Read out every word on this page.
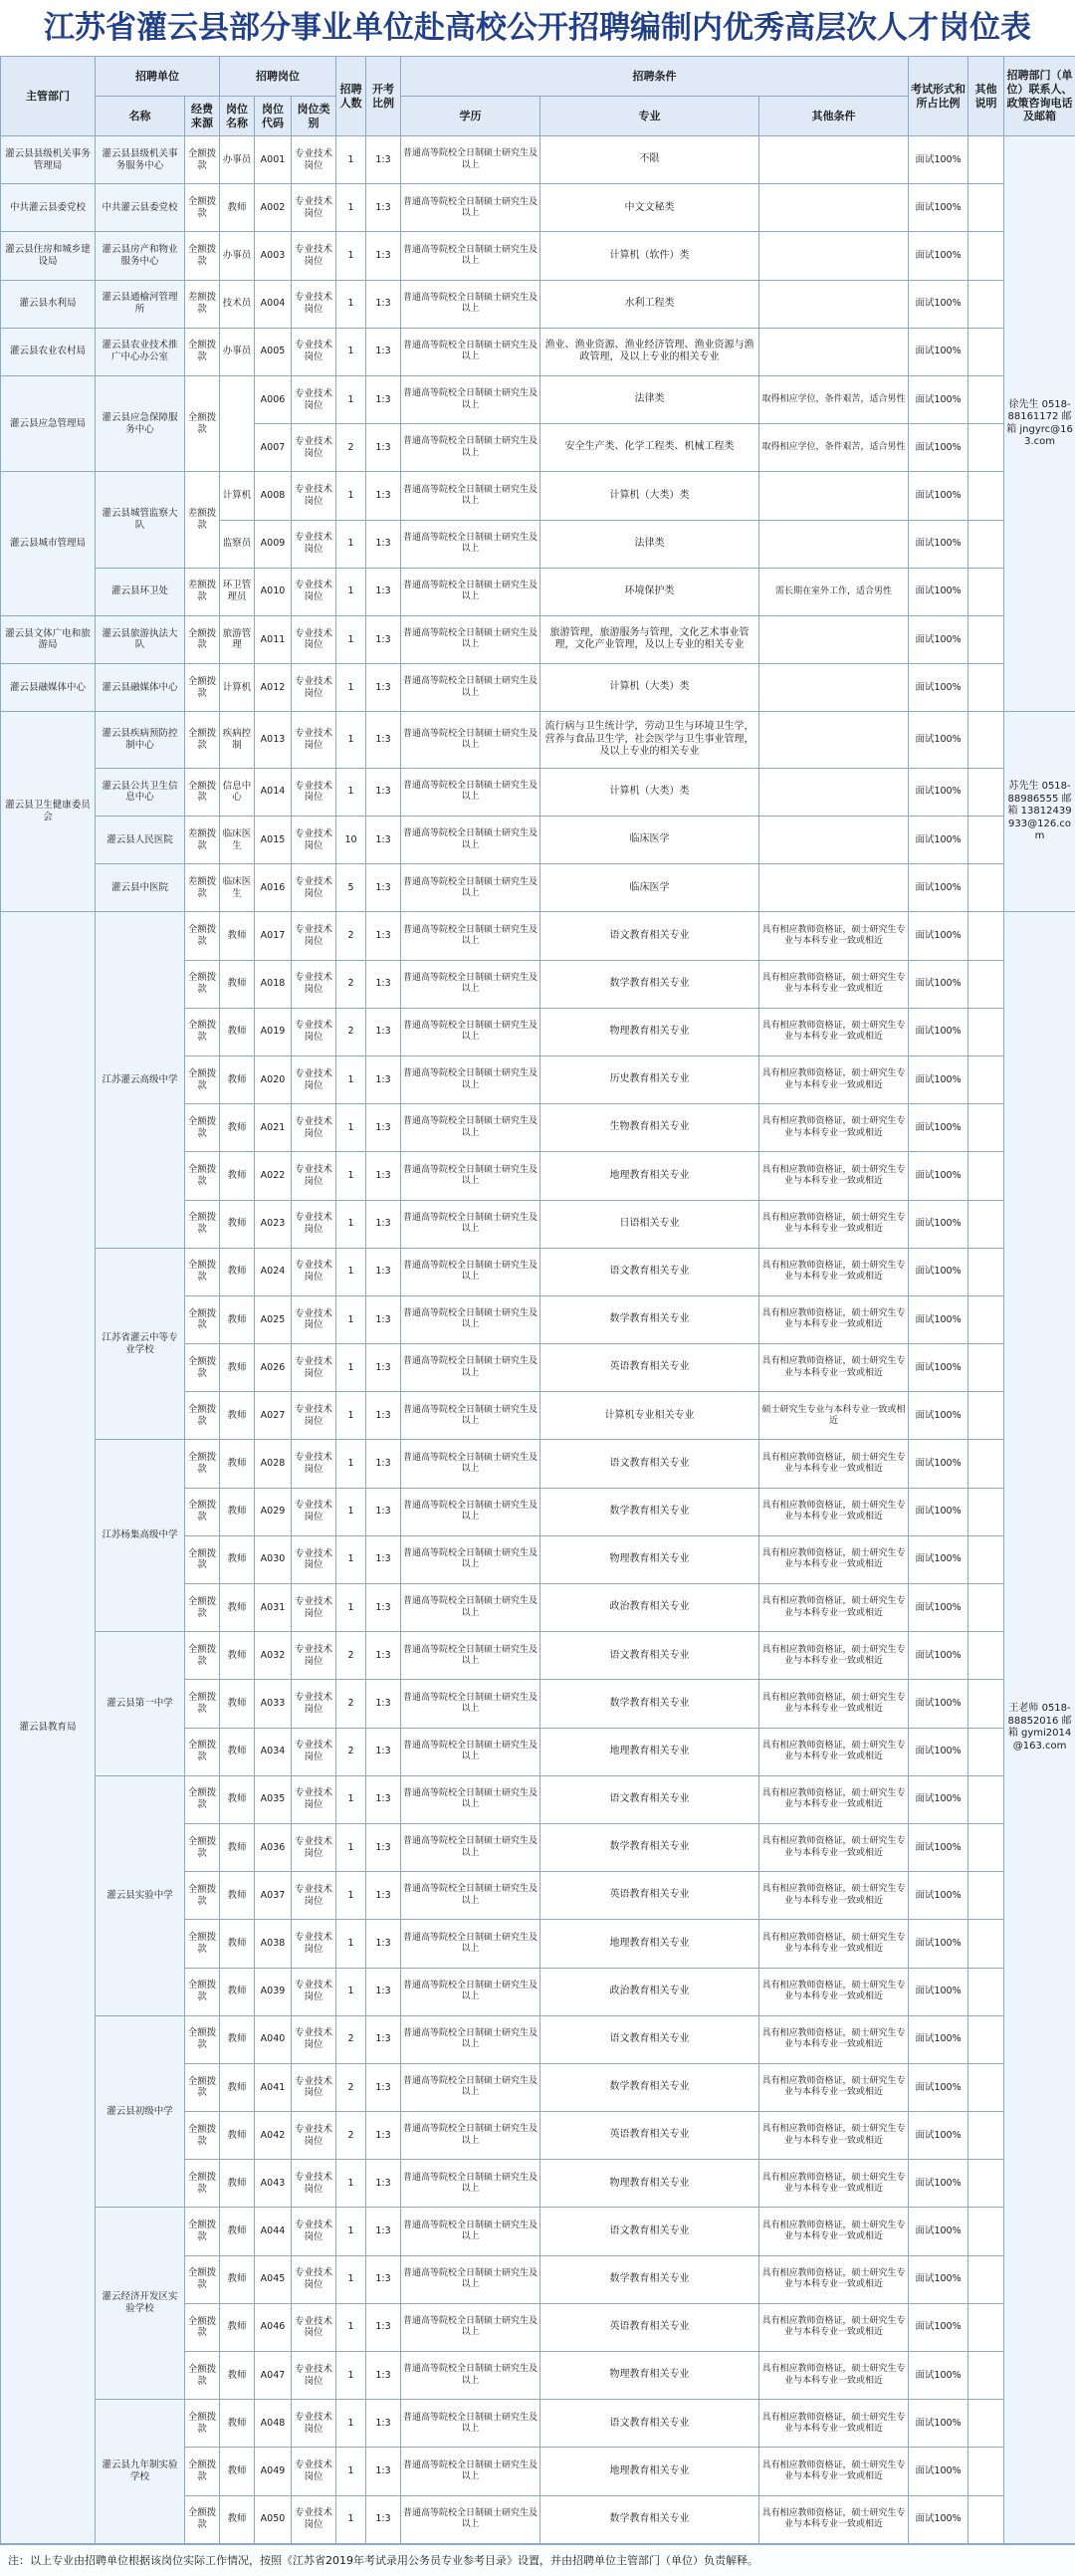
江苏省灌云县部分事业单位赴高校公开招聘编制内优秀高层次人才岗位表
主管部门	招聘单位		招聘岗位			招聘人数	开考比例	招聘条件			考试形式和所占比例	其他说明	招聘部门（单位）联系人、政策咨询电话及邮箱
	名称	经费来源	岗位名称	岗位代码	岗位类别			学历	专业	其他条件			
灌云县县级机关事务管理局	灌云县县级机关事务服务中心	全额拨款	办事员	A001	专业技术岗位	1	1:3	普通高等院校全日制硕士研究生及以上	不限		面试100%		徐先生 0518-88161172 邮箱 jngyrc@163.com
中共灌云县委党校	中共灌云县委党校	全额拨款	教师	A002	专业技术岗位	1	1:3	普通高等院校全日制硕士研究生及以上	中文文秘类		面试100%		
灌云县住房和城乡建设局	灌云县房产和物业服务中心	全额拨款	办事员	A003	专业技术岗位	1	1:3	普通高等院校全日制硕士研究生及以上	计算机（软件）类		面试100%		
灌云县水利局	灌云县通榆河管理所	差额拨款	技术员	A004	专业技术岗位	1	1:3	普通高等院校全日制硕士研究生及以上	水利工程类		面试100%		
灌云县农业农村局	灌云县农业技术推广中心办公室	全额拨款	办事员	A005	专业技术岗位	1	1:3	普通高等院校全日制硕士研究生及以上	渔业、渔业资源、渔业经济管理、渔业资源与渔政管理，及以上专业的相关专业		面试100%		
灌云县应急管理局	灌云县应急保障服务中心	全额拨款		A006	专业技术岗位	1	1:3	普通高等院校全日制硕士研究生及以上	法律类	取得相应学位，条件艰苦，适合男性	面试100%		
				A007	专业技术岗位	2	1:3	普通高等院校全日制硕士研究生及以上	安全生产类、化学工程类、机械工程类	取得相应学位，条件艰苦，适合男性	面试100%		
灌云县城市管理局	灌云县城管监察大队	差额拨款	计算机	A008	专业技术岗位	1	1:3	普通高等院校全日制硕士研究生及以上	计算机（大类）类		面试100%		
			监察员	A009	专业技术岗位	1	1:3	普通高等院校全日制硕士研究生及以上	法律类		面试100%		
	灌云县环卫处	差额拨款	环卫管理员	A010	专业技术岗位	1	1:3	普通高等院校全日制硕士研究生及以上	环境保护类	需长期在室外工作，适合男性	面试100%		
灌云县文体广电和旅游局	灌云县旅游执法大队	全额拨款	旅游管理	A011	专业技术岗位	1	1:3	普通高等院校全日制硕士研究生及以上	旅游管理，旅游服务与管理，文化艺术事业管理，文化产业管理，及以上专业的相关专业		面试100%		
灌云县融媒体中心	灌云县融媒体中心	全额拨款	计算机	A012	专业技术岗位	1	1:3	普通高等院校全日制硕士研究生及以上	计算机（大类）类		面试100%		
灌云县卫生健康委员会	灌云县疾病预防控制中心	全额拨款	疾病控制	A013	专业技术岗位	1	1:3	普通高等院校全日制硕士研究生及以上	流行病与卫生统计学，劳动卫生与环境卫生学，营养与食品卫生学，社会医学与卫生事业管理，及以上专业的相关专业		面试100%		苏先生 0518-88986555 邮箱 13812439933@126.com
	灌云县公共卫生信息中心	全额拨款	信息中心	A014	专业技术岗位	1	1:3	普通高等院校全日制硕士研究生及以上	计算机（大类）类		面试100%		
	灌云县人民医院	差额拨款	临床医生	A015	专业技术岗位	10	1:3	普通高等院校全日制硕士研究生及以上	临床医学		面试100%		
	灌云县中医院	差额拨款	临床医生	A016	专业技术岗位	5	1:3	普通高等院校全日制硕士研究生及以上	临床医学		面试100%		
灌云县教育局	江苏灌云高级中学	全额拨款	教师	A017	专业技术岗位	2	1:3	普通高等院校全日制硕士研究生及以上	语文教育相关专业	具有相应教师资格证，硕士研究生专业与本科专业一致或相近	面试100%		王老师 0518-88852016 邮箱 gymi2014@163.com
		全额拨款	教师	A018	专业技术岗位	2	1:3	普通高等院校全日制硕士研究生及以上	数学教育相关专业	具有相应教师资格证，硕士研究生专业与本科专业一致或相近	面试100%		
		全额拨款	教师	A019	专业技术岗位	2	1:3	普通高等院校全日制硕士研究生及以上	物理教育相关专业	具有相应教师资格证，硕士研究生专业与本科专业一致或相近	面试100%		
		全额拨款	教师	A020	专业技术岗位	1	1:3	普通高等院校全日制硕士研究生及以上	历史教育相关专业	具有相应教师资格证，硕士研究生专业与本科专业一致或相近	面试100%		
		全额拨款	教师	A021	专业技术岗位	1	1:3	普通高等院校全日制硕士研究生及以上	生物教育相关专业	具有相应教师资格证，硕士研究生专业与本科专业一致或相近	面试100%		
		全额拨款	教师	A022	专业技术岗位	1	1:3	普通高等院校全日制硕士研究生及以上	地理教育相关专业	具有相应教师资格证，硕士研究生专业与本科专业一致或相近	面试100%		
		全额拨款	教师	A023	专业技术岗位	1	1:3	普通高等院校全日制硕士研究生及以上	日语相关专业	具有相应教师资格证，硕士研究生专业与本科专业一致或相近	面试100%		
	江苏省灌云中等专业学校	全额拨款	教师	A024	专业技术岗位	1	1:3	普通高等院校全日制硕士研究生及以上	语文教育相关专业	具有相应教师资格证，硕士研究生专业与本科专业一致或相近	面试100%		
		全额拨款	教师	A025	专业技术岗位	1	1:3	普通高等院校全日制硕士研究生及以上	数学教育相关专业	具有相应教师资格证，硕士研究生专业与本科专业一致或相近	面试100%		
		全额拨款	教师	A026	专业技术岗位	1	1:3	普通高等院校全日制硕士研究生及以上	英语教育相关专业	具有相应教师资格证，硕士研究生专业与本科专业一致或相近	面试100%		
		全额拨款	教师	A027	专业技术岗位	1	1:3	普通高等院校全日制硕士研究生及以上	计算机专业相关专业	硕士研究生专业与本科专业一致或相近	面试100%		
	江苏杨集高级中学	全额拨款	教师	A028	专业技术岗位	1	1:3	普通高等院校全日制硕士研究生及以上	语文教育相关专业	具有相应教师资格证，硕士研究生专业与本科专业一致或相近	面试100%		
		全额拨款	教师	A029	专业技术岗位	1	1:3	普通高等院校全日制硕士研究生及以上	数学教育相关专业	具有相应教师资格证，硕士研究生专业与本科专业一致或相近	面试100%		
		全额拨款	教师	A030	专业技术岗位	1	1:3	普通高等院校全日制硕士研究生及以上	物理教育相关专业	具有相应教师资格证，硕士研究生专业与本科专业一致或相近	面试100%		
		全额拨款	教师	A031	专业技术岗位	1	1:3	普通高等院校全日制硕士研究生及以上	政治教育相关专业	具有相应教师资格证，硕士研究生专业与本科专业一致或相近	面试100%		
	灌云县第一中学	全额拨款	教师	A032	专业技术岗位	2	1:3	普通高等院校全日制硕士研究生及以上	语文教育相关专业	具有相应教师资格证，硕士研究生专业与本科专业一致或相近	面试100%		
		全额拨款	教师	A033	专业技术岗位	2	1:3	普通高等院校全日制硕士研究生及以上	数学教育相关专业	具有相应教师资格证，硕士研究生专业与本科专业一致或相近	面试100%		
		全额拨款	教师	A034	专业技术岗位	2	1:3	普通高等院校全日制硕士研究生及以上	地理教育相关专业	具有相应教师资格证，硕士研究生专业与本科专业一致或相近	面试100%		
	灌云县实验中学	全额拨款	教师	A035	专业技术岗位	1	1:3	普通高等院校全日制硕士研究生及以上	语文教育相关专业	具有相应教师资格证，硕士研究生专业与本科专业一致或相近	面试100%		
		全额拨款	教师	A036	专业技术岗位	1	1:3	普通高等院校全日制硕士研究生及以上	数学教育相关专业	具有相应教师资格证，硕士研究生专业与本科专业一致或相近	面试100%		
		全额拨款	教师	A037	专业技术岗位	1	1:3	普通高等院校全日制硕士研究生及以上	英语教育相关专业	具有相应教师资格证，硕士研究生专业与本科专业一致或相近	面试100%		
		全额拨款	教师	A038	专业技术岗位	1	1:3	普通高等院校全日制硕士研究生及以上	地理教育相关专业	具有相应教师资格证，硕士研究生专业与本科专业一致或相近	面试100%		
		全额拨款	教师	A039	专业技术岗位	1	1:3	普通高等院校全日制硕士研究生及以上	政治教育相关专业	具有相应教师资格证，硕士研究生专业与本科专业一致或相近	面试100%		
	灌云县初级中学	全额拨款	教师	A040	专业技术岗位	2	1:3	普通高等院校全日制硕士研究生及以上	语文教育相关专业	具有相应教师资格证，硕士研究生专业与本科专业一致或相近	面试100%		
		全额拨款	教师	A041	专业技术岗位	2	1:3	普通高等院校全日制硕士研究生及以上	数学教育相关专业	具有相应教师资格证，硕士研究生专业与本科专业一致或相近	面试100%		
		全额拨款	教师	A042	专业技术岗位	2	1:3	普通高等院校全日制硕士研究生及以上	英语教育相关专业	具有相应教师资格证，硕士研究生专业与本科专业一致或相近	面试100%		
		全额拨款	教师	A043	专业技术岗位	1	1:3	普通高等院校全日制硕士研究生及以上	物理教育相关专业	具有相应教师资格证，硕士研究生专业与本科专业一致或相近	面试100%		
	灌云经济开发区实验学校	全额拨款	教师	A044	专业技术岗位	1	1:3	普通高等院校全日制硕士研究生及以上	语文教育相关专业	具有相应教师资格证，硕士研究生专业与本科专业一致或相近	面试100%		
		全额拨款	教师	A045	专业技术岗位	1	1:3	普通高等院校全日制硕士研究生及以上	数学教育相关专业	具有相应教师资格证，硕士研究生专业与本科专业一致或相近	面试100%		
		全额拨款	教师	A046	专业技术岗位	1	1:3	普通高等院校全日制硕士研究生及以上	英语教育相关专业	具有相应教师资格证，硕士研究生专业与本科专业一致或相近	面试100%		
		全额拨款	教师	A047	专业技术岗位	1	1:3	普通高等院校全日制硕士研究生及以上	物理教育相关专业	具有相应教师资格证，硕士研究生专业与本科专业一致或相近	面试100%		
	灌云县九年制实验学校	全额拨款	教师	A048	专业技术岗位	1	1:3	普通高等院校全日制硕士研究生及以上	语文教育相关专业	具有相应教师资格证，硕士研究生专业与本科专业一致或相近	面试100%		
		全额拨款	教师	A049	专业技术岗位	1	1:3	普通高等院校全日制硕士研究生及以上	地理教育相关专业	具有相应教师资格证，硕士研究生专业与本科专业一致或相近	面试100%		
		全额拨款	教师	A050	专业技术岗位	1	1:3	普通高等院校全日制硕士研究生及以上	数学教育相关专业	具有相应教师资格证，硕士研究生专业与本科专业一致或相近	面试100%		
注：以上专业由招聘单位根据该岗位实际工作情况，按照《江苏省2019年考试录用公务员专业参考目录》设置，并由招聘单位主管部门（单位）负责解释。
